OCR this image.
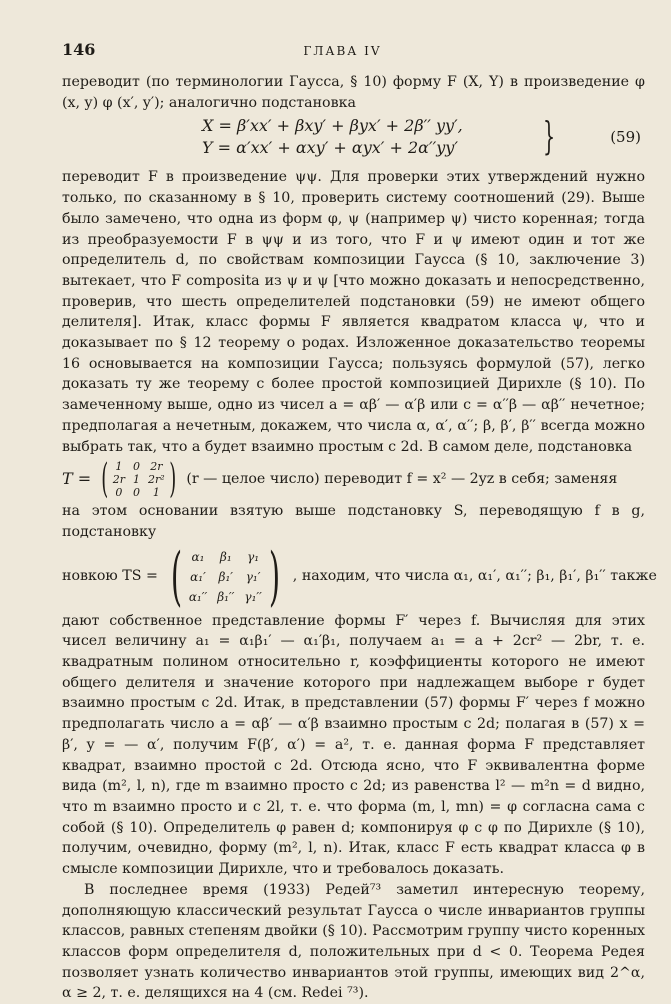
146	ГЛАВА IV

переводит (по терминологии Гаусса, § 10) форму F (X, Y) в произведение φ (x, y) φ (x′, y′); аналогично подстановка

X = β′xx′ + βxy′ + βyx′ + 2β′′ yy′,
Y = α′xx′ + αxy′ + αyx′ + 2α′′yy′ }	(59)

переводит F в произведение ψψ. Для проверки этих утверждений нужно только, по сказанному в § 10, проверить систему соотношений (29). Выше было замечено, что одна из форм φ, ψ (например ψ) чисто коренная; тогда из преобразуемости F в ψψ и из того, что F и ψ имеют один и тот же определитель d, по свойствам композиции Гаусса (§ 10, заключение 3) вытекает, что F composita из ψ и ψ [что можно доказать и непосредственно, проверив, что шесть определителей подстановки (59) не имеют общего делителя]. Итак, класс формы F является квадратом класса ψ, что и доказывает по § 12 теорему о родах. Изложенное доказательство теоремы 16 основывается на композиции Гаусса; пользуясь формулой (57), легко доказать ту же теорему с более простой композицией Дирихле (§ 10). По замеченному выше, одно из чисел a = αβ′ — α′β или c = α′′β — αβ′′ нечетное; предполагая a нечетным, докажем, что числа α, α′, α′′; β, β′, β′′ всегда можно выбрать так, что a будет взаимно простым с 2d. В самом деле, подстановка

T = ( 1 0 2r
2r 1 2r²
0 0	1 ) (r — целое число) переводит f = x² — 2yz в себя; заменяя

на этом основании взятую выше подстановку S, переводящую f в g, подстановку

новкою TS = ( α₁ β₁ γ₁
α₁′ β₁′ γ₁′
α₁′′ β₁′′ γ₁′′ ) , находим, что числа α₁, α₁′, α₁′′; β₁, β₁′, β₁′′ также

дают собственное представление формы F′ через f. Вычисляя для этих чисел величину a₁ = α₁β₁′ — α₁′β₁, получаем a₁ = a + 2cr² — 2br, т. е. квадратным полином относительно r, коэффициенты которого не имеют общего делителя и значение которого при надлежащем выборе r будет взаимно простым с 2d. Итак, в представлении (57) формы F′ через f можно предполагать число a = αβ′ — α′β взаимно простым с 2d; полагая в (57) x = β′, y = — α′, получим F(β′, α′) = a², т. е. данная форма F представляет квадрат, взаимно простой с 2d. Отсюда ясно, что F эквивалентна форме вида (m², l, n), где m взаимно просто с 2d; из равенства l² — m²n = d видно, что m взаимно просто и с 2l, т. е. что форма (m, l, mn) = φ согласна сама с собой (§ 10). Определитель φ равен d; компонируя φ с φ по Дирихле (§ 10), получим, очевидно, форму (m², l, n). Итак, класс F есть квадрат класса φ в смысле композиции Дирихле, что и требовалось доказать.

В последнее время (1933) Редей⁷³ заметил интересную теорему, дополняющую классический результат Гаусса о числе инвариантов группы классов, равных степеням двойки (§ 10). Рассмотрим группу чисто коренных классов форм определителя d, положительных при d < 0. Теорема Редея позволяет узнать количество инвариантов этой группы, имеющих вид 2^α, α ≥ 2, т. е. делящихся на 4 (см. Redei ⁷³).
